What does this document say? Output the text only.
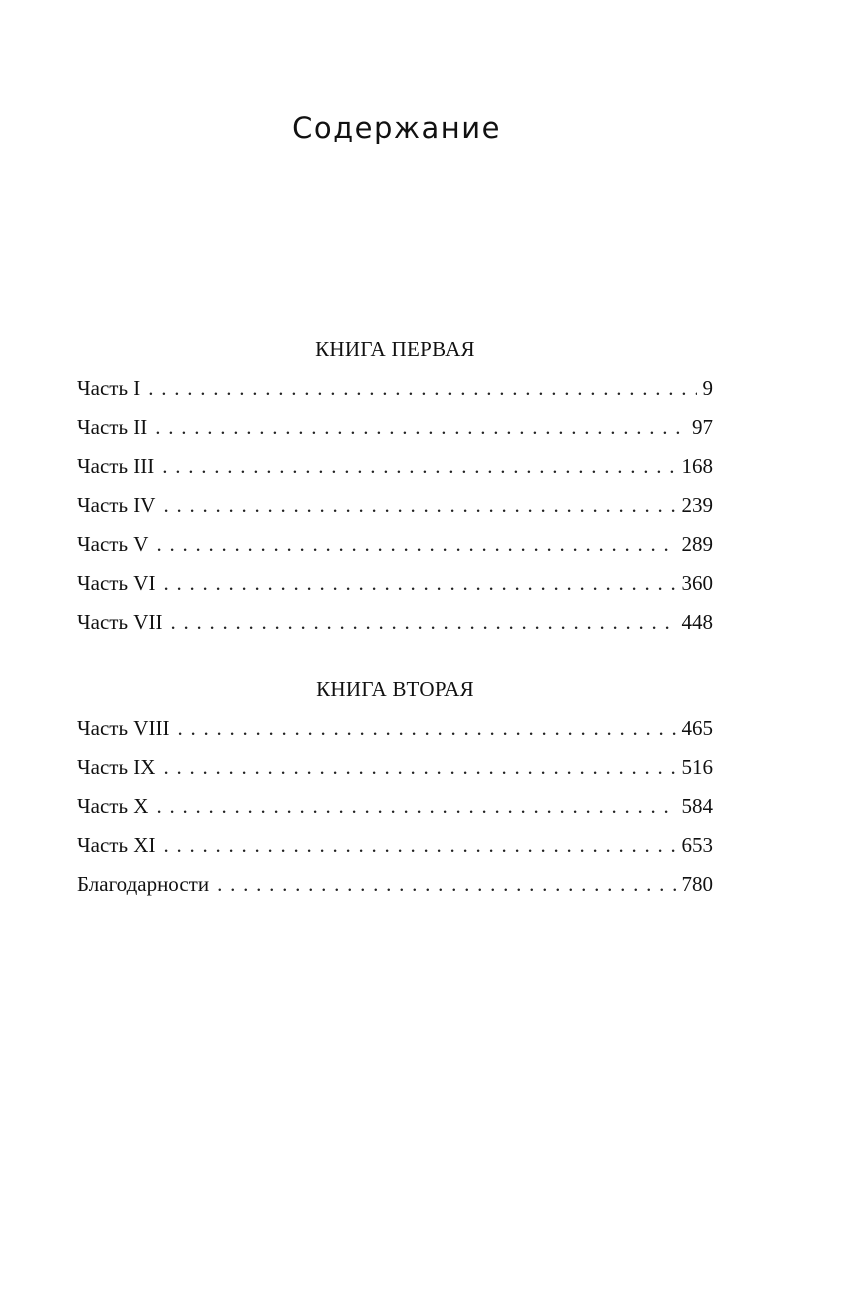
Содержание
КНИГА ПЕРВАЯ
Часть I . . .	9
Часть II . . .	97
Часть III . . .	168
Часть IV . . .	239
Часть V . . .	289
Часть VI . . .	360
Часть VII . . .	448
КНИГА ВТОРАЯ
Часть VIII . . .	465
Часть IX . . .	516
Часть X . . .	584
Часть XI . . .	653
Благодарности . . .	780
